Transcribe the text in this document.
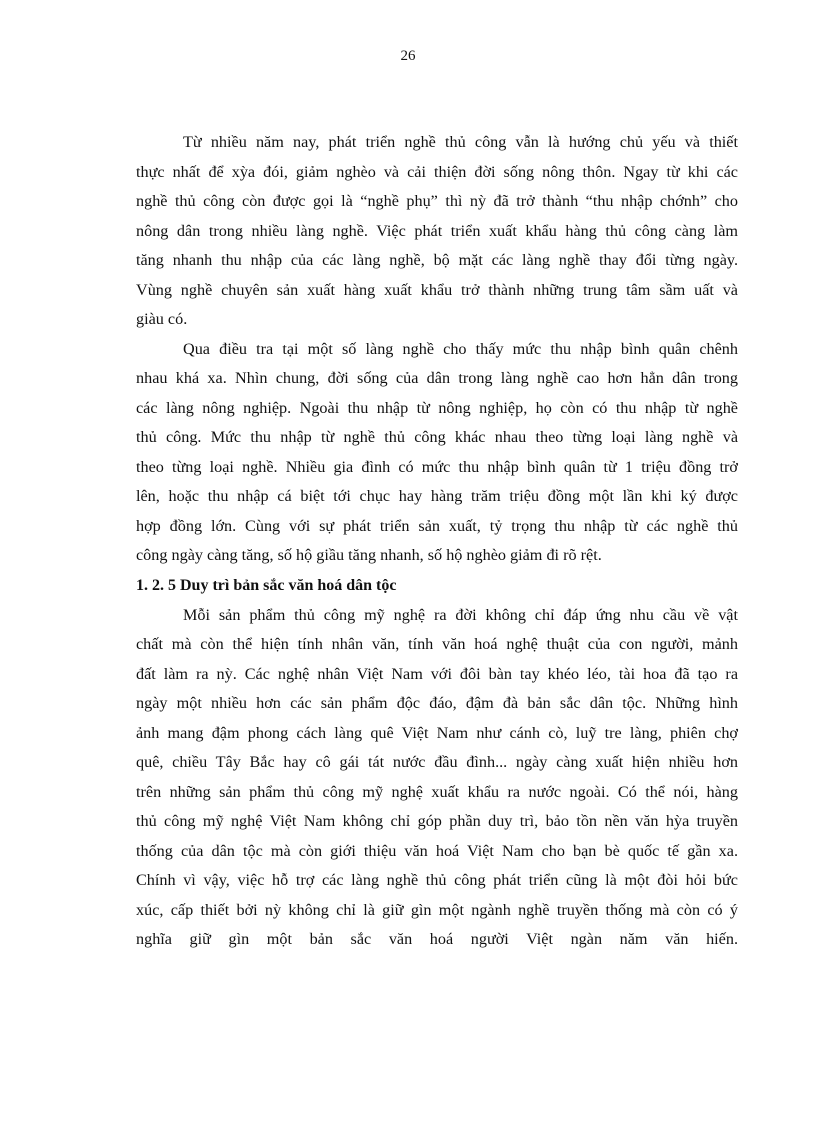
26
Từ nhiều năm nay, phát triển nghề thủ công vẫn là hướng chủ yếu và thiết
thực nhất để xỳa đói, giảm nghèo và cải thiện đời sống nông thôn. Ngay từ khi các
nghề thủ công còn được gọi là “nghề phụ” thì nỳ đã trở thành “thu nhập chớnh” cho
nông dân trong nhiều làng nghề. Việc phát triển xuất khẩu hàng thủ công càng làm
tăng nhanh thu nhập của các làng nghề, bộ mặt các làng nghề thay đổi từng ngày.
Vùng nghề chuyên sản xuất hàng xuất khẩu trở thành những trung tâm sầm uất và
giàu có.
Qua điều tra tại một số làng nghề cho thấy mức thu nhập bình quân chênh
nhau khá xa. Nhìn chung, đời sống của dân trong làng nghề cao hơn hẳn dân trong
các làng nông nghiệp. Ngoài thu nhập từ nông nghiệp, họ còn có thu nhập từ nghề
thủ công. Mức thu nhập từ nghề thủ công khác nhau theo từng loại làng nghề và
theo từng loại nghề. Nhiều gia đình có mức thu nhập bình quân từ 1 triệu đồng trở
lên, hoặc thu nhập cá biệt tới chục hay hàng trăm triệu đồng một lần khi ký được
hợp đồng lớn. Cùng với sự phát triển sản xuất, tỷ trọng thu nhập từ các nghề thủ
công ngày càng tăng, số hộ giầu tăng nhanh, số hộ nghèo giảm đi rõ rệt.
1. 2. 5 Duy trì bản sắc văn hoá dân tộc
Mỗi sản phẩm thủ công mỹ nghệ ra đời không chỉ đáp ứng nhu cầu về vật
chất mà còn thể hiện tính nhân văn, tính văn hoá nghệ thuật của con người, mảnh
đất làm ra nỳ. Các nghệ nhân Việt Nam với đôi bàn tay khéo léo, tài hoa đã tạo ra
ngày một nhiều hơn các sản phẩm độc đáo, đậm đà bản sắc dân tộc. Những hình
ảnh mang đậm phong cách làng quê Việt Nam như cánh cò, luỹ tre làng, phiên chợ
quê, chiều Tây Bắc hay cô gái tát nước đầu đình... ngày càng xuất hiện nhiều hơn
trên những sản phẩm thủ công mỹ nghệ xuất khẩu ra nước ngoài. Có thể nói, hàng
thủ công mỹ nghệ Việt Nam không chỉ góp phần duy trì, bảo tồn nền văn hỳa truyền
thống của dân tộc mà còn giới thiệu văn hoá Việt Nam cho bạn bè quốc tế gần xa.
Chính vì vậy, việc hỗ trợ các làng nghề thủ công phát triển cũng là một đòi hỏi bức
xúc, cấp thiết bởi nỳ không chỉ là giữ gìn một ngành nghề truyền thống mà còn có ý
nghĩa giữ gìn một bản sắc văn hoá người Việt ngàn năm văn hiến.
